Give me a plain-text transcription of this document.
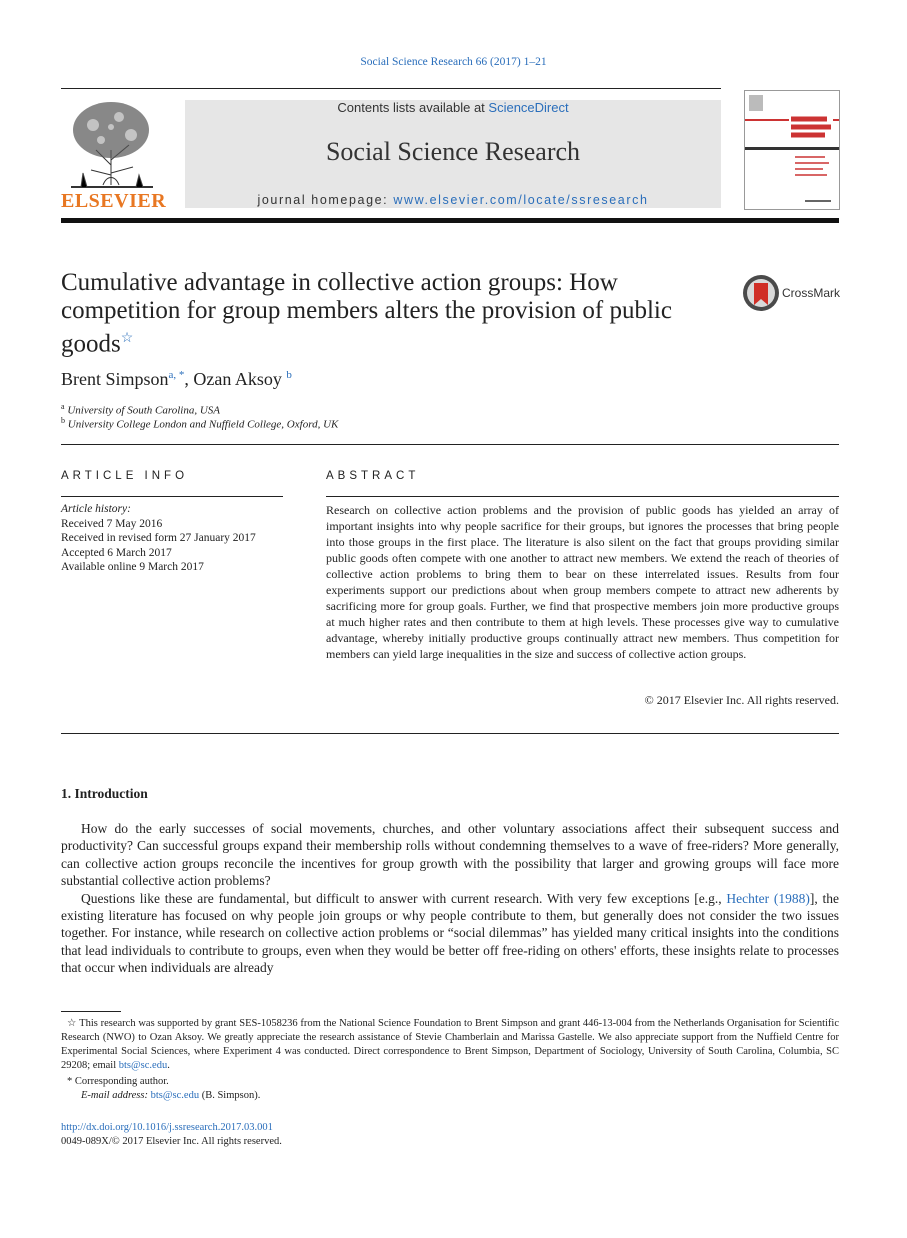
Social Science Research 66 (2017) 1–21
ELSEVIER
Contents lists available at ScienceDirect
Social Science Research
journal homepage: www.elsevier.com/locate/ssresearch
Cumulative advantage in collective action groups: How competition for group members alters the provision of public goods☆
CrossMark
Brent Simpson$^{a, *}$, Ozan Aksoy $^b$
$^a$ University of South Carolina, USA
$^b$ University College London and Nuffield College, Oxford, UK
ARTICLE INFO
Article history:
Received 7 May 2016
Received in revised form 27 January 2017
Accepted 6 March 2017
Available online 9 March 2017
ABSTRACT
Research on collective action problems and the provision of public goods has yielded an array of important insights into why people sacrifice for their groups, but ignores the processes that bring people into those groups in the first place. The literature is also silent on the fact that groups providing similar public goods often compete with one another to attract new members. We extend the reach of theories of collective action problems to bring them to bear on these interrelated issues. Results from four experiments support our predictions about when group members compete to attract new adherents by sacrificing more for group goals. Further, we find that prospective members join more productive groups at much higher rates and then contribute to them at high levels. These processes give way to cumulative advantage, whereby initially productive groups continually attract new members. Thus competition for members can yield large inequalities in the size and success of collective action groups.
© 2017 Elsevier Inc. All rights reserved.
1. Introduction

How do the early successes of social movements, churches, and other voluntary associations affect their subsequent success and productivity? Can successful groups expand their membership rolls without condemning themselves to a wave of free-riders? More generally, can collective action groups reconcile the incentives for group growth with the possibility that larger and growing groups will face more substantial collective action problems?

Questions like these are fundamental, but difficult to answer with current research. With very few exceptions [e.g., Hechter (1988)], the existing literature has focused on why people join groups or why people contribute to them, but generally does not consider the two issues together. For instance, while research on collective action problems or “social dilemmas” has yielded many critical insights into the conditions that lead individuals to contribute to groups, even when they would be better off free-riding on others' efforts, these insights relate to processes that occur when individuals are already

☆ This research was supported by grant SES-1058236 from the National Science Foundation to Brent Simpson and grant 446-13-004 from the Netherlands Organisation for Scientific Research (NWO) to Ozan Aksoy. We greatly appreciate the research assistance of Stevie Chamberlain and Marissa Gastelle. We also appreciate support from the Nuffield Centre for Experimental Social Sciences, where Experiment 4 was conducted. Direct correspondence to Brent Simpson, Department of Sociology, University of South Carolina, Columbia, SC 29208; email bts@sc.edu.
* Corresponding author.
E-mail address: bts@sc.edu (B. Simpson).
http://dx.doi.org/10.1016/j.ssresearch.2017.03.001
0049-089X/© 2017 Elsevier Inc. All rights reserved.
